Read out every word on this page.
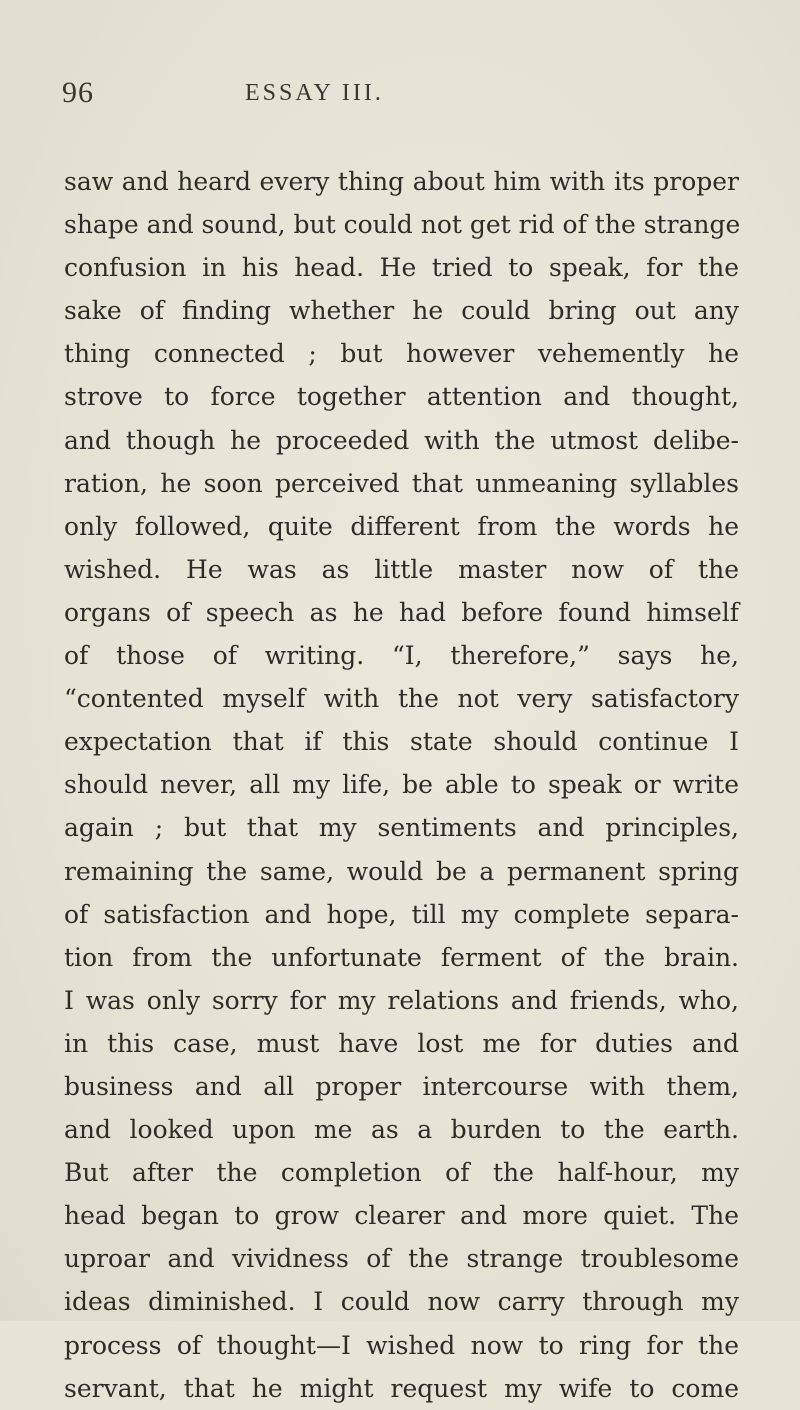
96	ESSAY III.
saw and heard every thing about him with its proper
shape and sound, but could not get rid of the strange
confusion in his head. He tried to speak, for the
sake of finding whether he could bring out any
thing connected ; but however vehemently he
strove to force together attention and thought,
and though he proceeded with the utmost delibe-
ration, he soon perceived that unmeaning syllables
only followed, quite different from the words he
wished. He was as little master now of the
organs of speech as he had before found himself
of those of writing. “I, therefore,” says he,
“contented myself with the not very satisfactory
expectation that if this state should continue I
should never, all my life, be able to speak or write
again ; but that my sentiments and principles,
remaining the same, would be a permanent spring
of satisfaction and hope, till my complete separa-
tion from the unfortunate ferment of the brain.
I was only sorry for my relations and friends, who,
in this case, must have lost me for duties and
business and all proper intercourse with them,
and looked upon me as a burden to the earth.
But after the completion of the half-hour, my
head began to grow clearer and more quiet. The
uproar and vividness of the strange troublesome
ideas diminished. I could now carry through my
process of thought—I wished now to ring for the
servant, that he might request my wife to come
